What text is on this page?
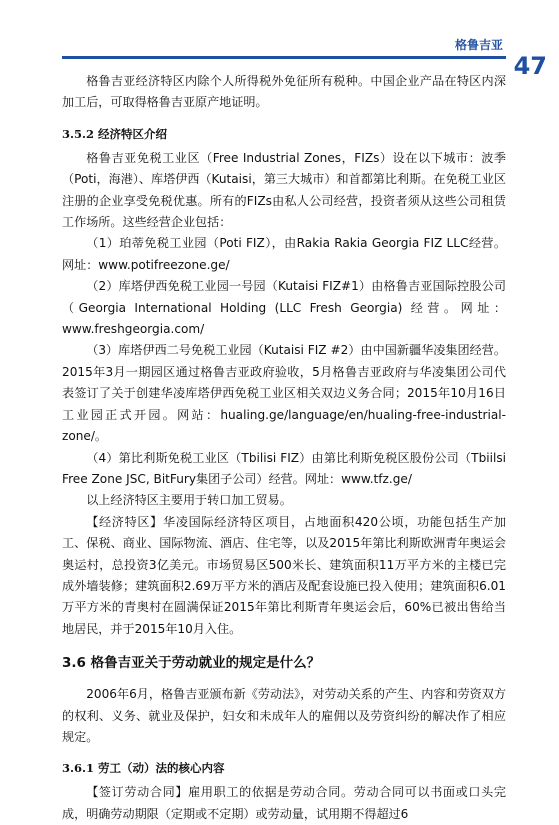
格鲁吉亚
47

格鲁吉亚经济特区内除个人所得税外免征所有税种。中国企业产品在特区内深加工后，可取得格鲁吉亚原产地证明。

3.5.2 经济特区介绍

格鲁吉亚免税工业区（Free Industrial Zones，FIZs）设在以下城市：波季（Poti，海港）、库塔伊西（Kutaisi，第三大城市）和首都第比利斯。在免税工业区注册的企业享受免税优惠。所有的FIZs由私人公司经营，投资者须从这些公司租赁工作场所。这些经营企业包括：

（1）珀蒂免税工业园（Poti FIZ），由Rakia Rakia Georgia FIZ LLC经营。网址：www.potifreezone.ge/

（2）库塔伊西免税工业园一号园（Kutaisi FIZ#1）由格鲁吉亚国际控股公司（Georgia International Holding (LLC Fresh Georgia) 经营。网址：www.freshgeorgia.com/

（3）库塔伊西二号免税工业园（Kutaisi FIZ #2）由中国新疆华凌集团经营。2015年3月一期园区通过格鲁吉亚政府验收，5月格鲁吉亚政府与华凌集团公司代表签订了关于创建华凌库塔伊西免税工业区相关双边义务合同；2015年10月16日工业园正式开园。网站：hualing.ge/language/en/hualing-free-industrial-zone/。

（4）第比利斯免税工业区（Tbilisi FIZ）由第比利斯免税区股份公司（Tbiilsi Free Zone JSC, BitFury集团子公司）经营。网址：www.tfz.ge/

以上经济特区主要用于转口加工贸易。

【经济特区】华凌国际经济特区项目，占地面积420公顷，功能包括生产加工、保税、商业、国际物流、酒店、住宅等，以及2015年第比利斯欧洲青年奥运会奥运村，总投资3亿美元。市场贸易区500米长、建筑面积11万平方米的主楼已完成外墙装修；建筑面积2.69万平方米的酒店及配套设施已投入使用；建筑面积6.01万平方米的青奥村在圆满保证2015年第比利斯青年奥运会后，60%已被出售给当地居民，并于2015年10月入住。

3.6 格鲁吉亚关于劳动就业的规定是什么？

2006年6月，格鲁吉亚颁布新《劳动法》，对劳动关系的产生、内容和劳资双方的权利、义务、就业及保护，妇女和未成年人的雇佣以及劳资纠纷的解决作了相应规定。

3.6.1 劳工（动）法的核心内容

【签订劳动合同】雇用职工的依据是劳动合同。劳动合同可以书面或口头完成，明确劳动期限（定期或不定期）或劳动量，试用期不得超过6
